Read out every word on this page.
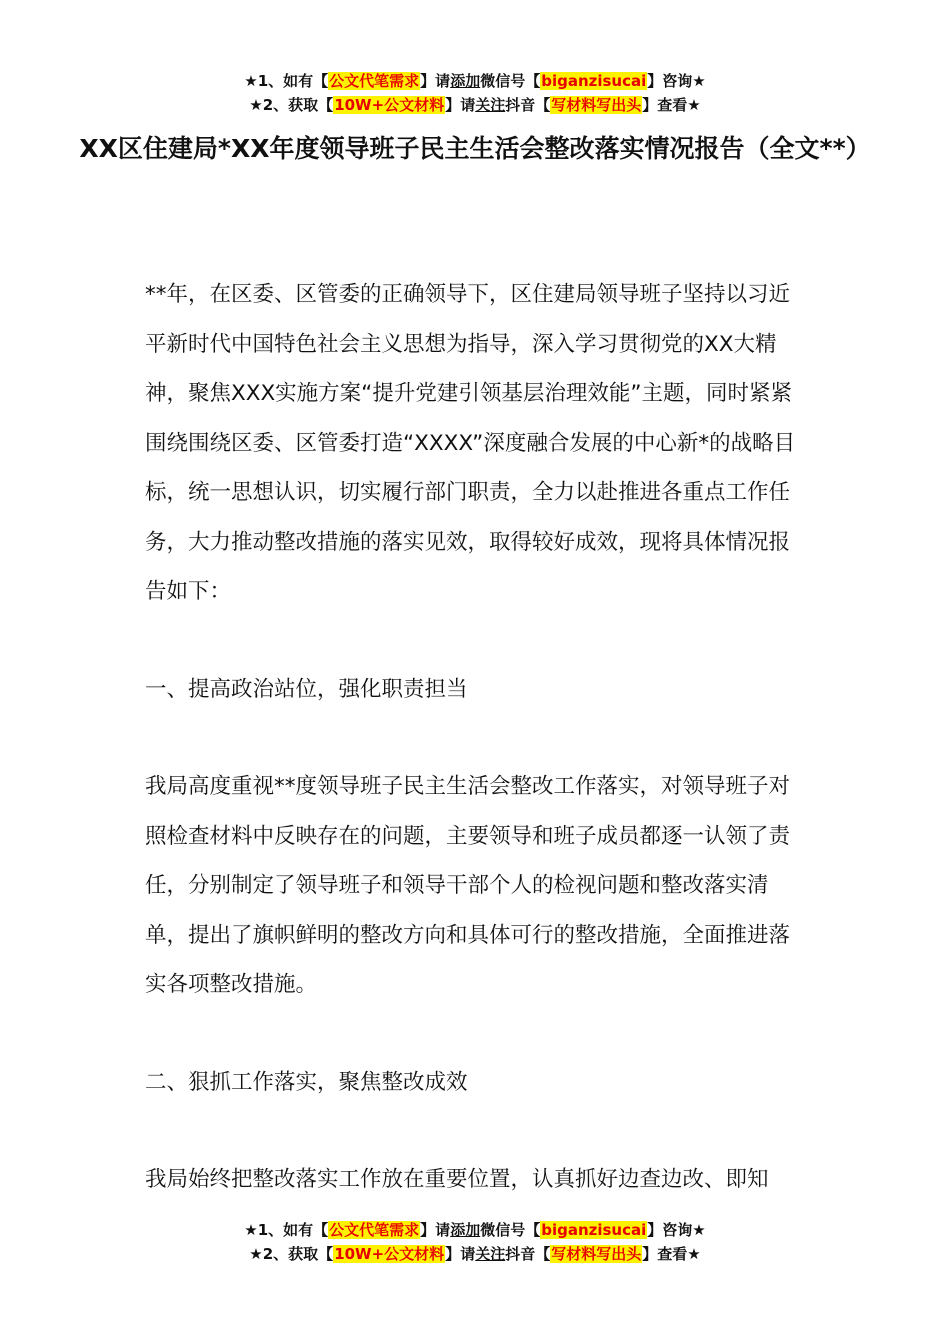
★1、如有【公文代笔需求】请添加微信号【biganzisucai】咨询★
★2、获取【10W+公文材料】请关注抖音【写材料写出头】查看★
XX区住建局*XX年度领导班子民主生活会整改落实情况报告（全文**）

**年，在区委、区管委的正确领导下，区住建局领导班子坚持以习近平新时代中国特色社会主义思想为指导，深入学习贯彻党的XX大精神，聚焦XXX实施方案“提升党建引领基层治理效能”主题，同时紧紧围绕围绕区委、区管委打造“XXXX”深度融合发展的中心新*的战略目标，统一思想认识，切实履行部门职责，全力以赴推进各重点工作任务，大力推动整改措施的落实见效，取得较好成效，现将具体情况报告如下：

一、提高政治站位，强化职责担当

我局高度重视**度领导班子民主生活会整改工作落实，对领导班子对照检查材料中反映存在的问题，主要领导和班子成员都逐一认领了责任，分别制定了领导班子和领导干部个人的检视问题和整改落实清单，提出了旗帜鲜明的整改方向和具体可行的整改措施，全面推进落实各项整改措施。

二、狠抓工作落实，聚焦整改成效

我局始终把整改落实工作放在重要位置，认真抓好边查边改、即知

★1、如有【公文代笔需求】请添加微信号【biganzisucai】咨询★
★2、获取【10W+公文材料】请关注抖音【写材料写出头】查看★
